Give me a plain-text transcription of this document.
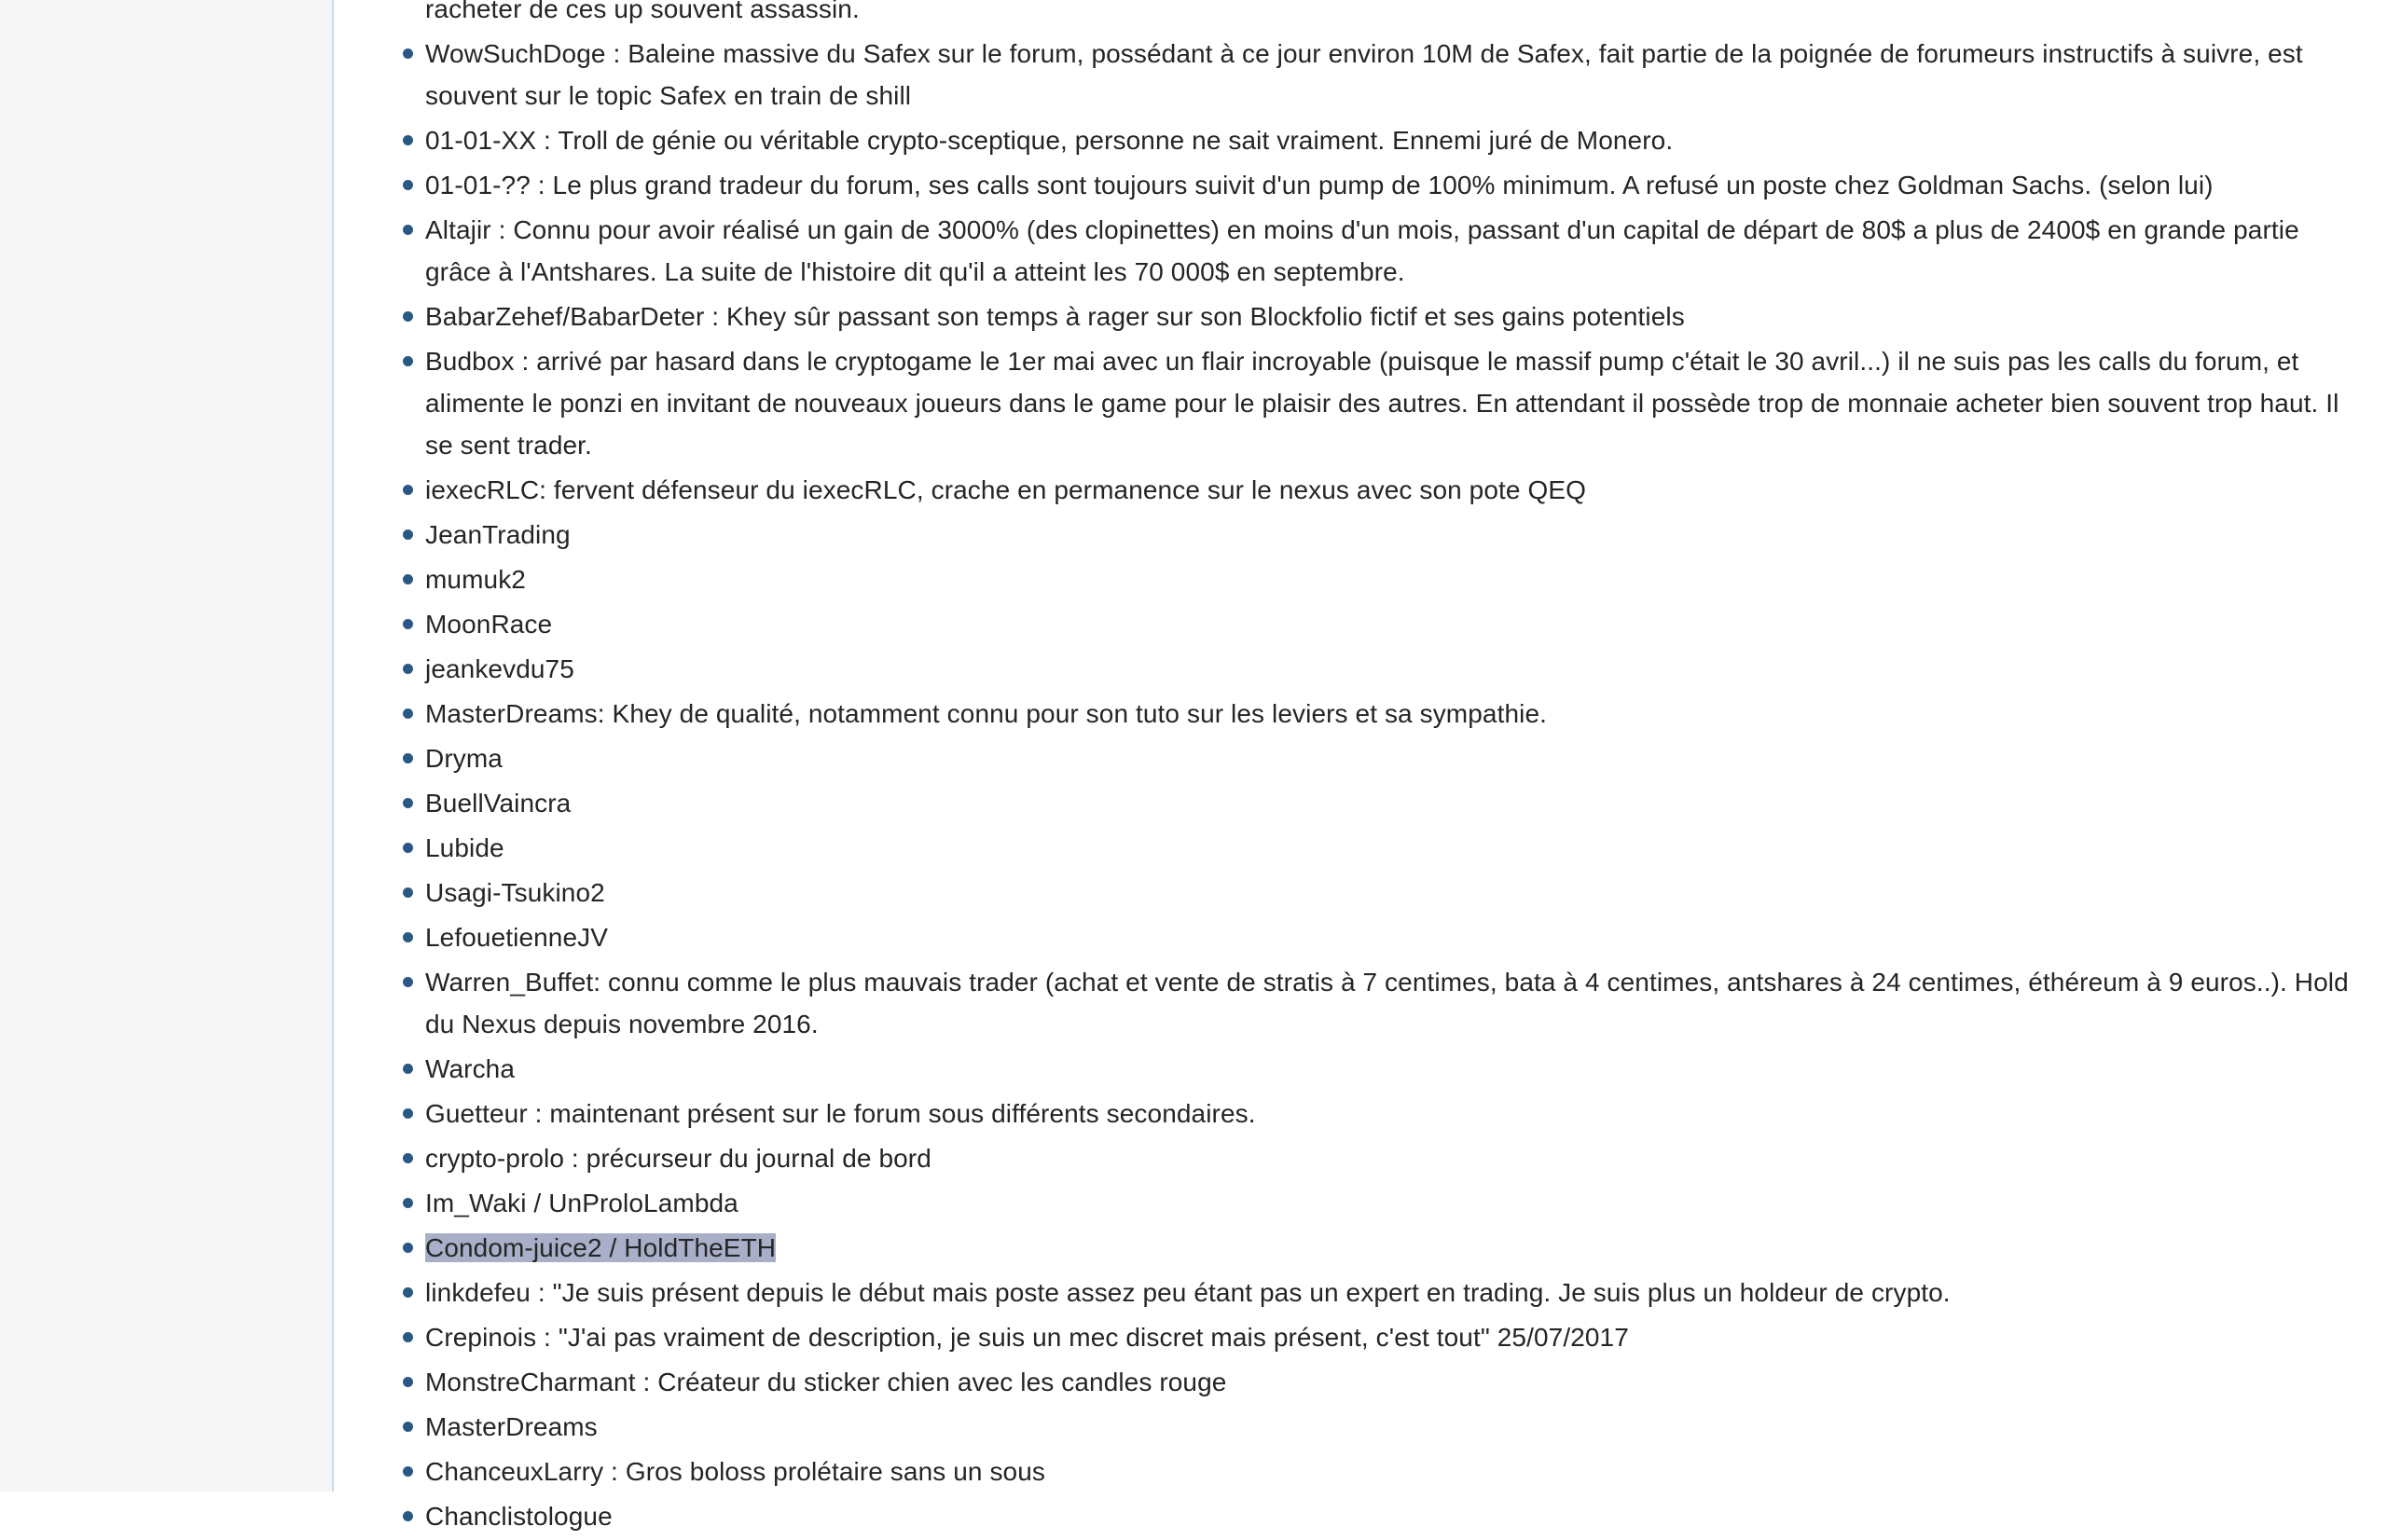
racheter de ces up souvent assassin.
WowSuchDoge : Baleine massive du Safex sur le forum, possédant à ce jour environ 10M de Safex, fait partie de la poignée de forumeurs instructifs à suivre, est souvent sur le topic Safex en train de shill
01-01-XX : Troll de génie ou véritable crypto-sceptique, personne ne sait vraiment. Ennemi juré de Monero.
01-01-?? : Le plus grand tradeur du forum, ses calls sont toujours suivit d'un pump de 100% minimum. A refusé un poste chez Goldman Sachs. (selon lui)
Altajir : Connu pour avoir réalisé un gain de 3000% (des clopinettes) en moins d'un mois, passant d'un capital de départ de 80$ a plus de 2400$ en grande partie grâce à l'Antshares. La suite de l'histoire dit qu'il a atteint les 70 000$ en septembre.
BabarZehef/BabarDeter : Khey sûr passant son temps à rager sur son Blockfolio fictif et ses gains potentiels
Budbox : arrivé par hasard dans le cryptogame le 1er mai avec un flair incroyable (puisque le massif pump c'était le 30 avril...) il ne suis pas les calls du forum, et alimente le ponzi en invitant de nouveaux joueurs dans le game pour le plaisir des autres. En attendant il possède trop de monnaie acheter bien souvent trop haut. Il se sent trader.
iexecRLC: fervent défenseur du iexecRLC, crache en permanence sur le nexus avec son pote QEQ
JeanTrading
mumuk2
MoonRace
jeankevdu75
MasterDreams: Khey de qualité, notamment connu pour son tuto sur les leviers et sa sympathie.
Dryma
BuellVaincra
Lubide
Usagi-Tsukino2
LefouetienneJV
Warren_Buffet: connu comme le plus mauvais trader (achat et vente de stratis à 7 centimes, bata à 4 centimes, antshares à 24 centimes, éthéreum à 9 euros..). Hold du Nexus depuis novembre 2016.
Warcha
Guetteur : maintenant présent sur le forum sous différents secondaires.
crypto-prolo : précurseur du journal de bord
Im_Waki / UnProloLambda
Condom-juice2 / HoldTheETH
linkdefeu : "Je suis présent depuis le début mais poste assez peu étant pas un expert en trading. Je suis plus un holdeur de crypto.
Crepinois : "J'ai pas vraiment de description, je suis un mec discret mais présent, c'est tout" 25/07/2017
MonstreCharmant : Créateur du sticker chien avec les candles rouge
MasterDreams
ChanceuxLarry : Gros boloss prolétaire sans un sous
Chanclistologue
